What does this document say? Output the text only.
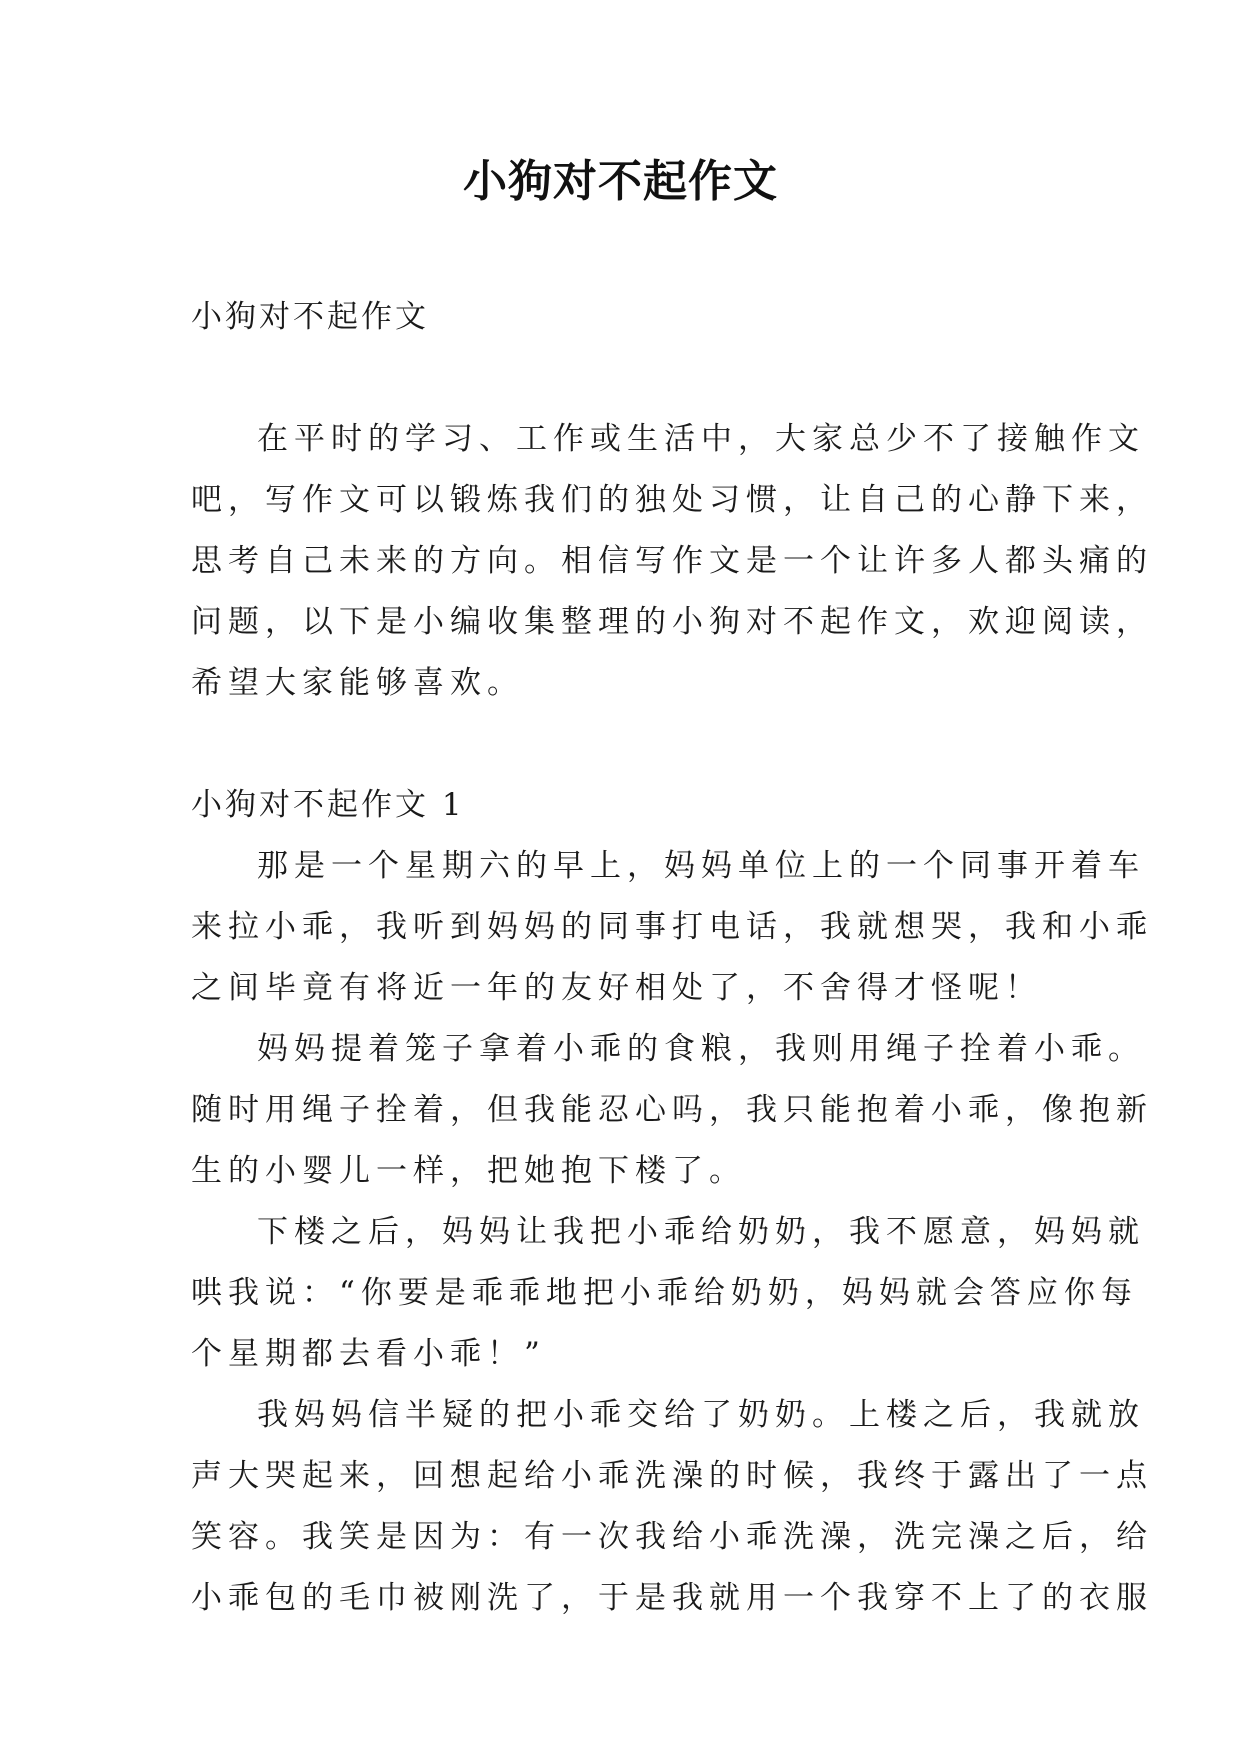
小狗对不起作文
小狗对不起作文
在平时的学习、工作或生活中，大家总少不了接触作文
吧，写作文可以锻炼我们的独处习惯，让自己的心静下来，
思考自己未来的方向。相信写作文是一个让许多人都头痛的
问题，以下是小编收集整理的小狗对不起作文，欢迎阅读，
希望大家能够喜欢。
小狗对不起作文 1
那是一个星期六的早上，妈妈单位上的一个同事开着车
来拉小乖，我听到妈妈的同事打电话，我就想哭，我和小乖
之间毕竟有将近一年的友好相处了，不舍得才怪呢！
妈妈提着笼子拿着小乖的食粮，我则用绳子拴着小乖。
随时用绳子拴着，但我能忍心吗，我只能抱着小乖，像抱新
生的小婴儿一样，把她抱下楼了。
下楼之后，妈妈让我把小乖给奶奶，我不愿意，妈妈就
哄我说：“你要是乖乖地把小乖给奶奶，妈妈就会答应你每
个星期都去看小乖！”
我妈妈信半疑的把小乖交给了奶奶。上楼之后，我就放
声大哭起来，回想起给小乖洗澡的时候，我终于露出了一点
笑容。我笑是因为：有一次我给小乖洗澡，洗完澡之后，给
小乖包的毛巾被刚洗了，于是我就用一个我穿不上了的衣服
